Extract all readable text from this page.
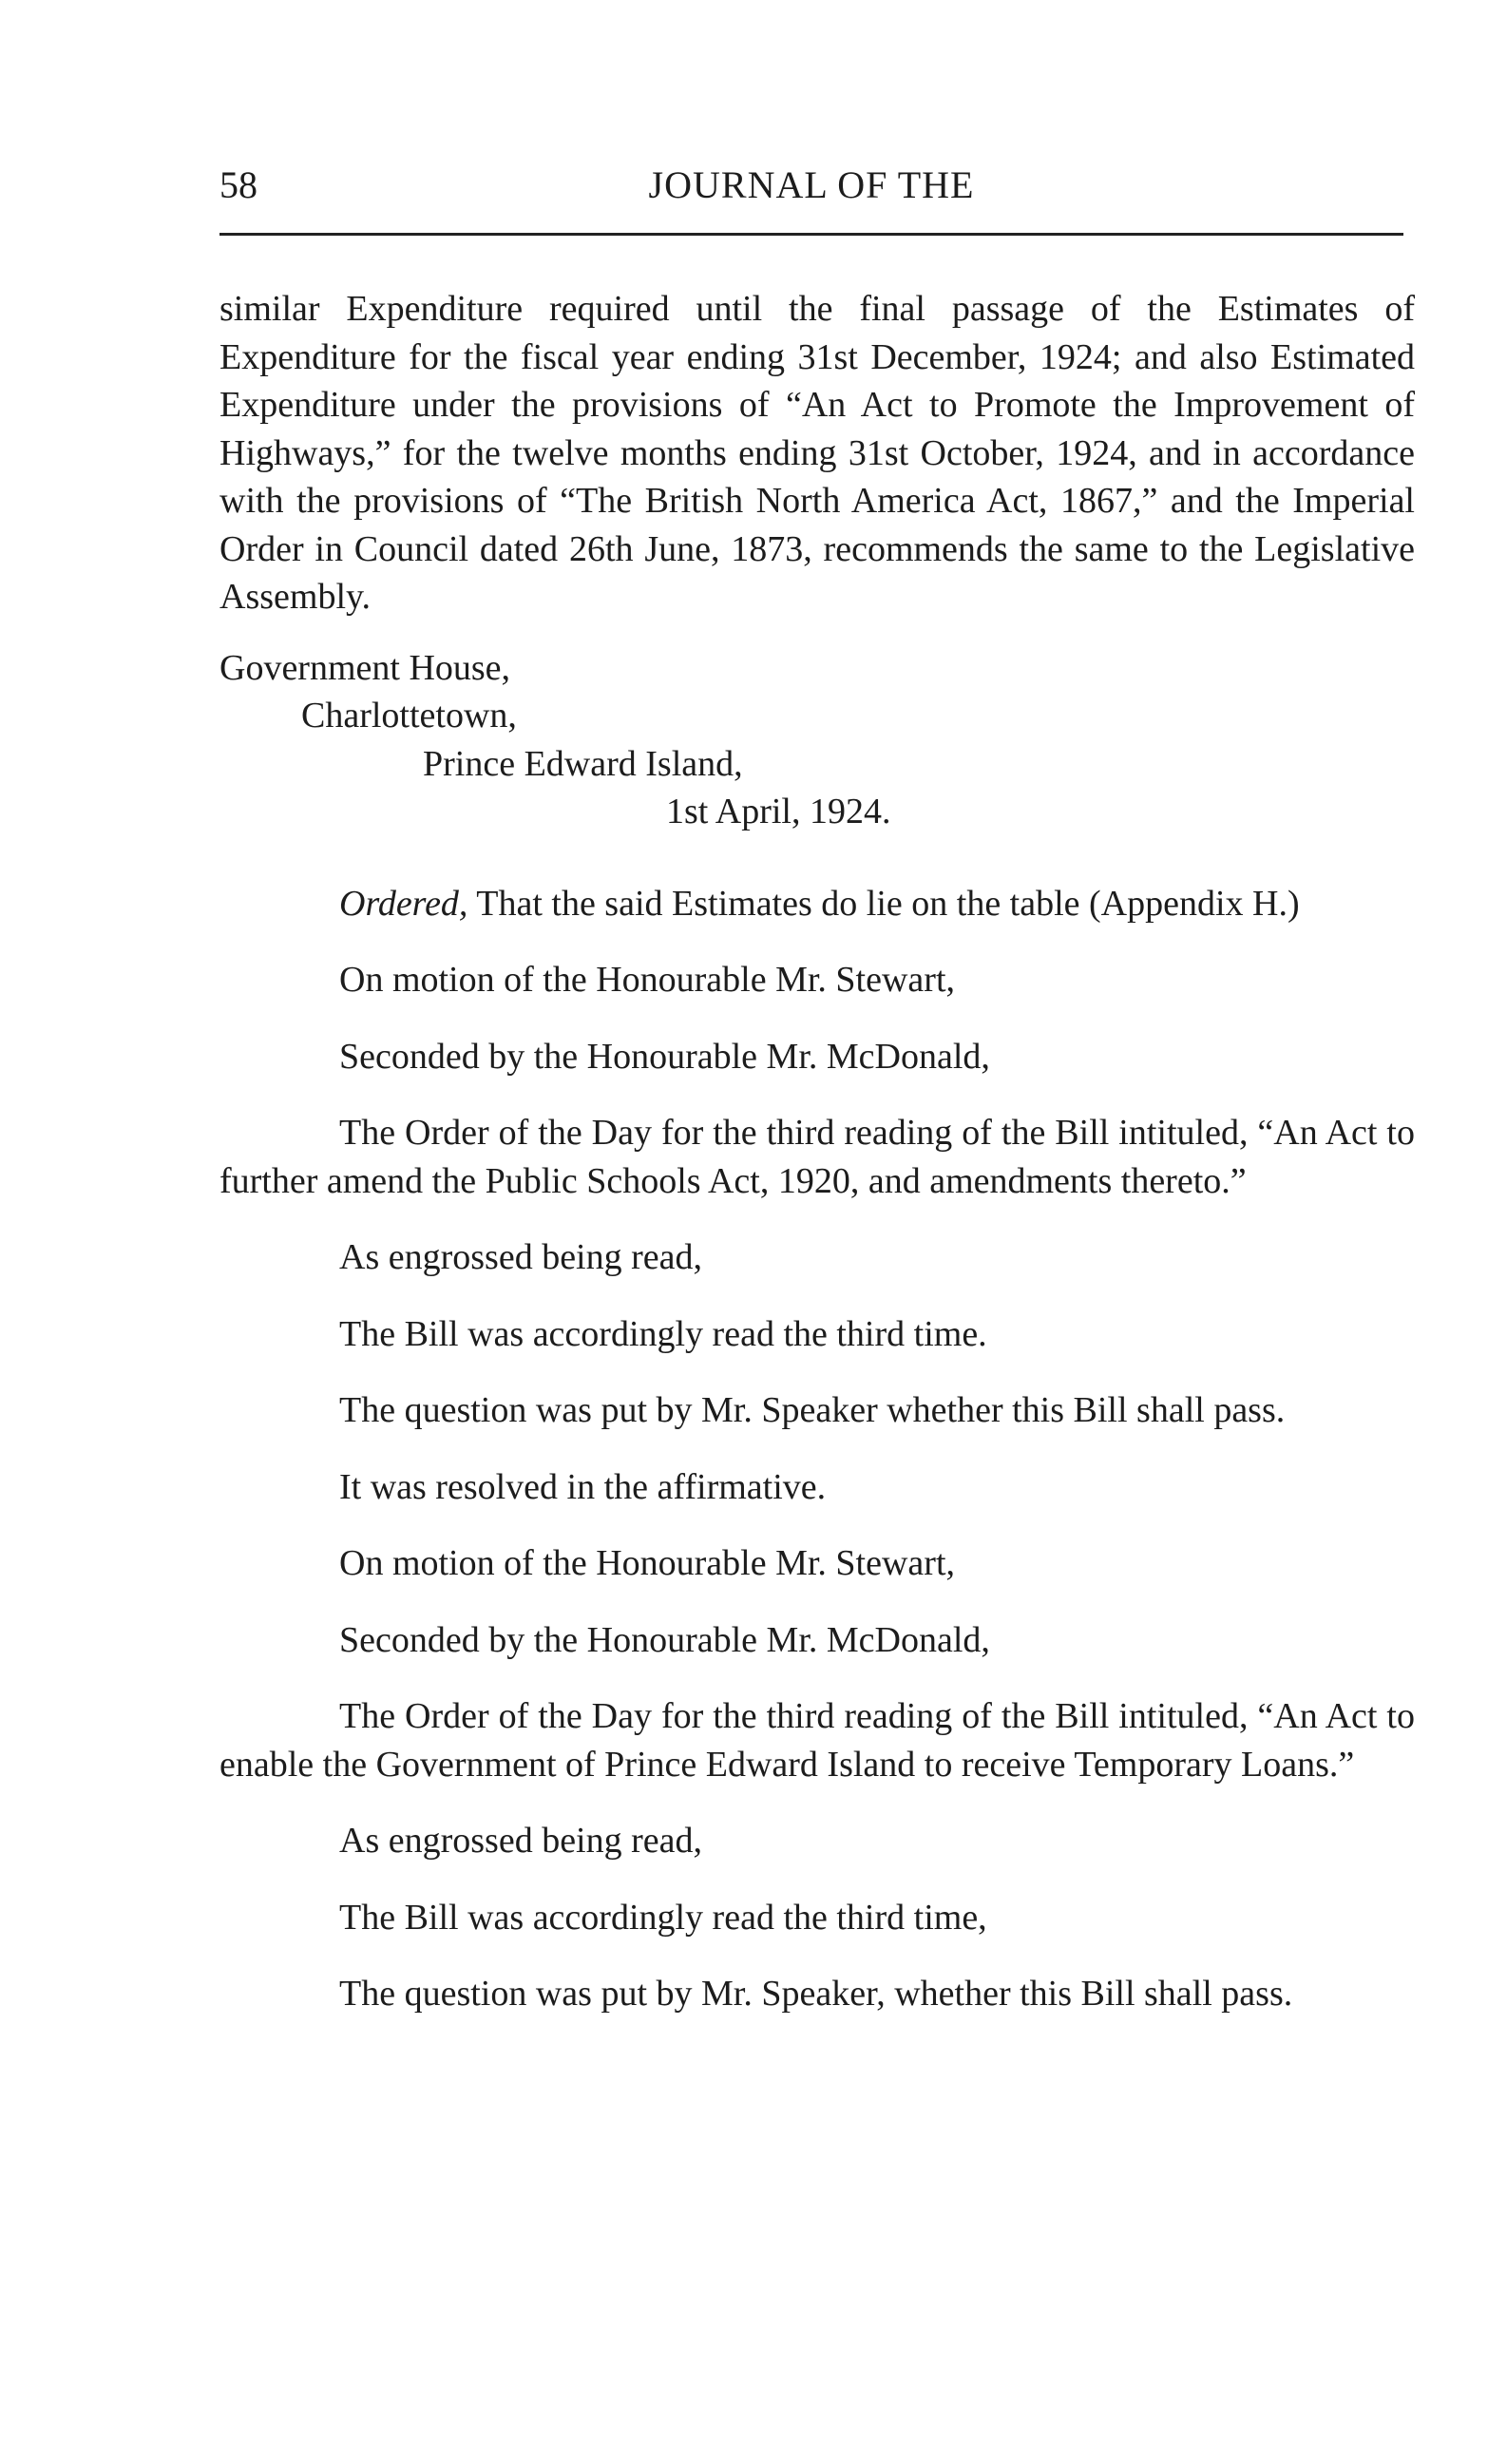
58	JOURNAL OF THE

similar Expenditure required until the final passage of the Estimates of Expenditure for the fiscal year ending 31st December, 1924; and also Estimated Expenditure under the provisions of “An Act to Promote the Improvement of Highways,” for the twelve months ending 31st October, 1924, and in accordance with the provisions of “The British North America Act, 1867,” and the Imperial Order in Council dated 26th June, 1873, recommends the same to the Legislative Assembly.

Government House,
Charlottetown,
Prince Edward Island,
1st April, 1924.

Ordered, That the said Estimates do lie on the table (Appendix H.)

On motion of the Honourable Mr. Stewart,

Seconded by the Honourable Mr. McDonald,

The Order of the Day for the third reading of the Bill intituled, “An Act to further amend the Public Schools Act, 1920, and amendments thereto.”

As engrossed being read,

The Bill was accordingly read the third time.

The question was put by Mr. Speaker whether this Bill shall pass.

It was resolved in the affirmative.

On motion of the Honourable Mr. Stewart,

Seconded by the Honourable Mr. McDonald,

The Order of the Day for the third reading of the Bill intituled, “An Act to enable the Government of Prince Edward Island to receive Temporary Loans.”

As engrossed being read,

The Bill was accordingly read the third time,

The question was put by Mr. Speaker, whether this Bill shall pass.
